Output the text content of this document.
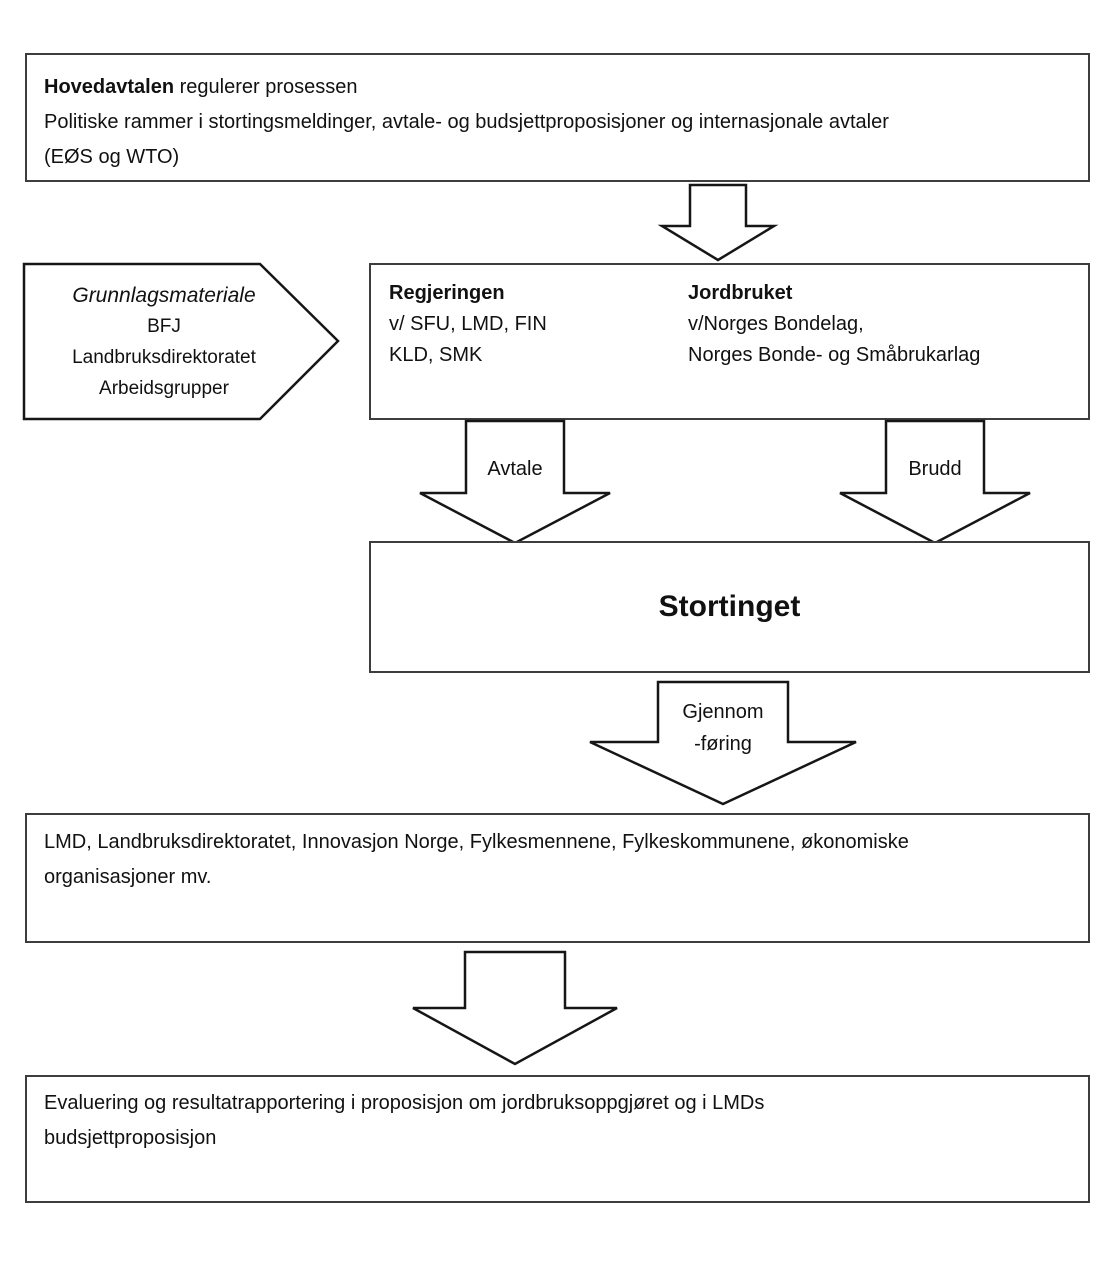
Hovedavtalen regulerer prosessen
Politiske rammer i stortingsmeldinger, avtale- og budsjettproposisjoner og internasjonale avtaler
(EØS og WTO)
Grunnlagsmateriale
BFJ
Landbruksdirektoratet
Arbeidsgrupper
Regjeringen
v/ SFU, LMD, FIN
KLD, SMK
Jordbruket
v/Norges Bondelag,
Norges Bonde- og Småbrukarlag
Avtale	Brudd
Stortinget
Gjennom
-føring
LMD, Landbruksdirektoratet, Innovasjon Norge, Fylkesmennene, Fylkeskommunene, økonomiske
organisasjoner mv.
Evaluering og resultatrapportering i proposisjon om jordbruksoppgjøret og i LMDs
budsjettproposisjon
